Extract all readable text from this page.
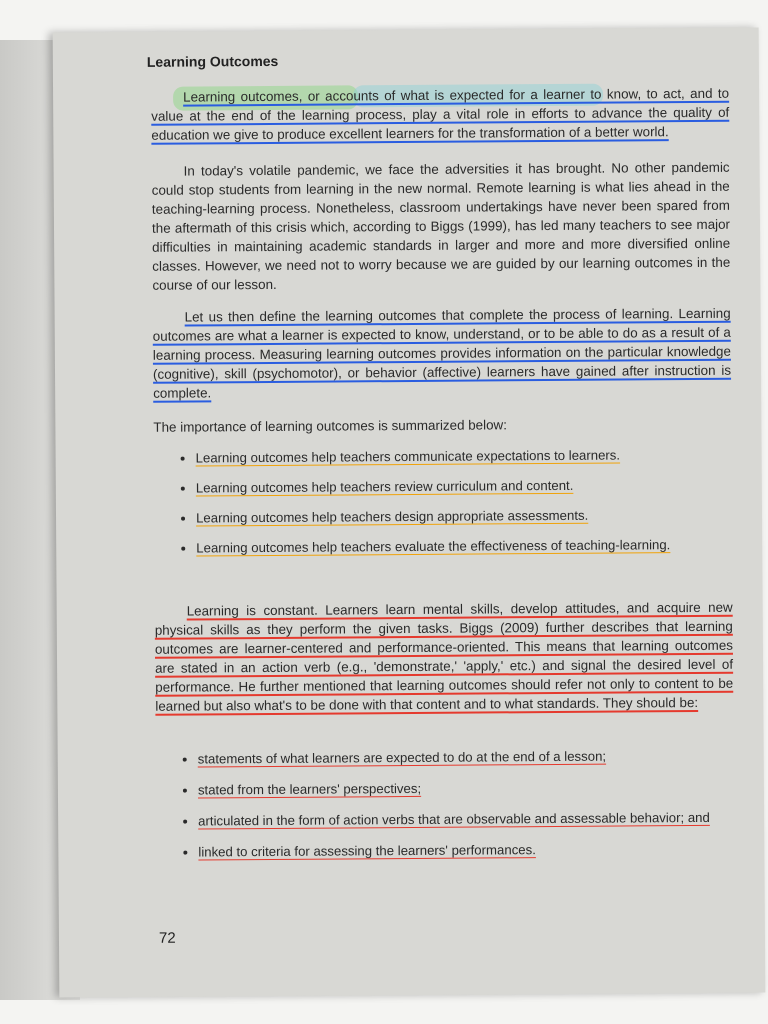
Learning Outcomes

Learning outcomes, or accounts of what is expected for a learner to know, to act, and to value at the end of the learning process, play a vital role in efforts to advance the quality of education we give to produce excellent learners for the transformation of a better world.

In today's volatile pandemic, we face the adversities it has brought. No other pandemic could stop students from learning in the new normal. Remote learning is what lies ahead in the teaching-learning process. Nonetheless, classroom undertakings have never been spared from the aftermath of this crisis which, according to Biggs (1999), has led many teachers to see major difficulties in maintaining academic standards in larger and more and more diversified online classes. However, we need not to worry because we are guided by our learning outcomes in the course of our lesson.

Let us then define the learning outcomes that complete the process of learning. Learning outcomes are what a learner is expected to know, understand, or to be able to do as a result of a learning process. Measuring learning outcomes provides information on the particular knowledge (cognitive), skill (psychomotor), or behavior (affective) learners have gained after instruction is complete.

The importance of learning outcomes is summarized below:

• Learning outcomes help teachers communicate expectations to learners.
• Learning outcomes help teachers review curriculum and content.
• Learning outcomes help teachers design appropriate assessments.
• Learning outcomes help teachers evaluate the effectiveness of teaching-learning.

Learning is constant. Learners learn mental skills, develop attitudes, and acquire new physical skills as they perform the given tasks. Biggs (2009) further describes that learning outcomes are learner-centered and performance-oriented. This means that learning outcomes are stated in an action verb (e.g., 'demonstrate,' 'apply,' etc.) and signal the desired level of performance. He further mentioned that learning outcomes should refer not only to content to be learned but also what's to be done with that content and to what standards. They should be:

• statements of what learners are expected to do at the end of a lesson;
• stated from the learners' perspectives;
• articulated in the form of action verbs that are observable and assessable behavior; and
• linked to criteria for assessing the learners' performances.
72
